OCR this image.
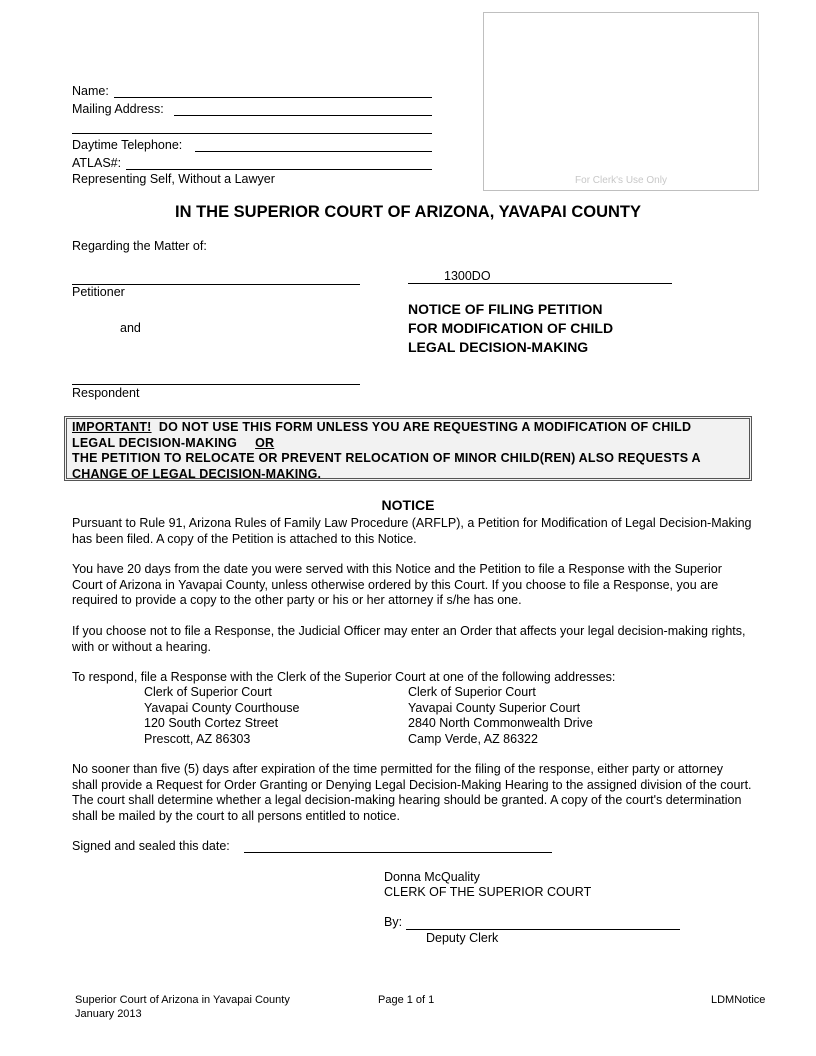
Name:
Mailing Address:
Daytime Telephone:
ATLAS#:
Representing Self, Without a Lawyer	For Clerk's Use Only
IN THE SUPERIOR COURT OF ARIZONA, YAVAPAI COUNTY
Regarding the Matter of:
Petitioner
and
Respondent
1300DO
NOTICE OF FILING PETITION
FOR MODIFICATION OF CHILD
LEGAL DECISION-MAKING
IMPORTANT!  DO NOT USE THIS FORM UNLESS YOU ARE REQUESTING A MODIFICATION OF CHILD
LEGAL DECISION-MAKING OR
THE PETITION TO RELOCATE OR PREVENT RELOCATION OF MINOR CHILD(REN) ALSO REQUESTS A
CHANGE OF LEGAL DECISION-MAKING.
NOTICE
Pursuant to Rule 91, Arizona Rules of Family Law Procedure (ARFLP), a Petition for Modification of Legal Decision-Making has been filed. A copy of the Petition is attached to this Notice.
You have 20 days from the date you were served with this Notice and the Petition to file a Response with the Superior Court of Arizona in Yavapai County, unless otherwise ordered by this Court. If you choose to file a Response, you are required to provide a copy to the other party or his or her attorney if s/he has one.
If you choose not to file a Response, the Judicial Officer may enter an Order that affects your legal decision-making rights, with or without a hearing.
To respond, file a Response with the Clerk of the Superior Court at one of the following addresses:
Clerk of Superior Court
Yavapai County Courthouse
120 South Cortez Street
Prescott, AZ 86303
Clerk of Superior Court
Yavapai County Superior Court
2840 North Commonwealth Drive
Camp Verde, AZ 86322
No sooner than five (5) days after expiration of the time permitted for the filing of the response, either party or attorney shall provide a Request for Order Granting or Denying Legal Decision-Making Hearing to the assigned division of the court. The court shall determine whether a legal decision-making hearing should be granted. A copy of the court's determination shall be mailed by the court to all persons entitled to notice.
Signed and sealed this date:
Donna McQuality
CLERK OF THE SUPERIOR COURT
By:
Deputy Clerk
Superior Court of Arizona in Yavapai County
January 2013
Page 1 of 1	LDMNotice
